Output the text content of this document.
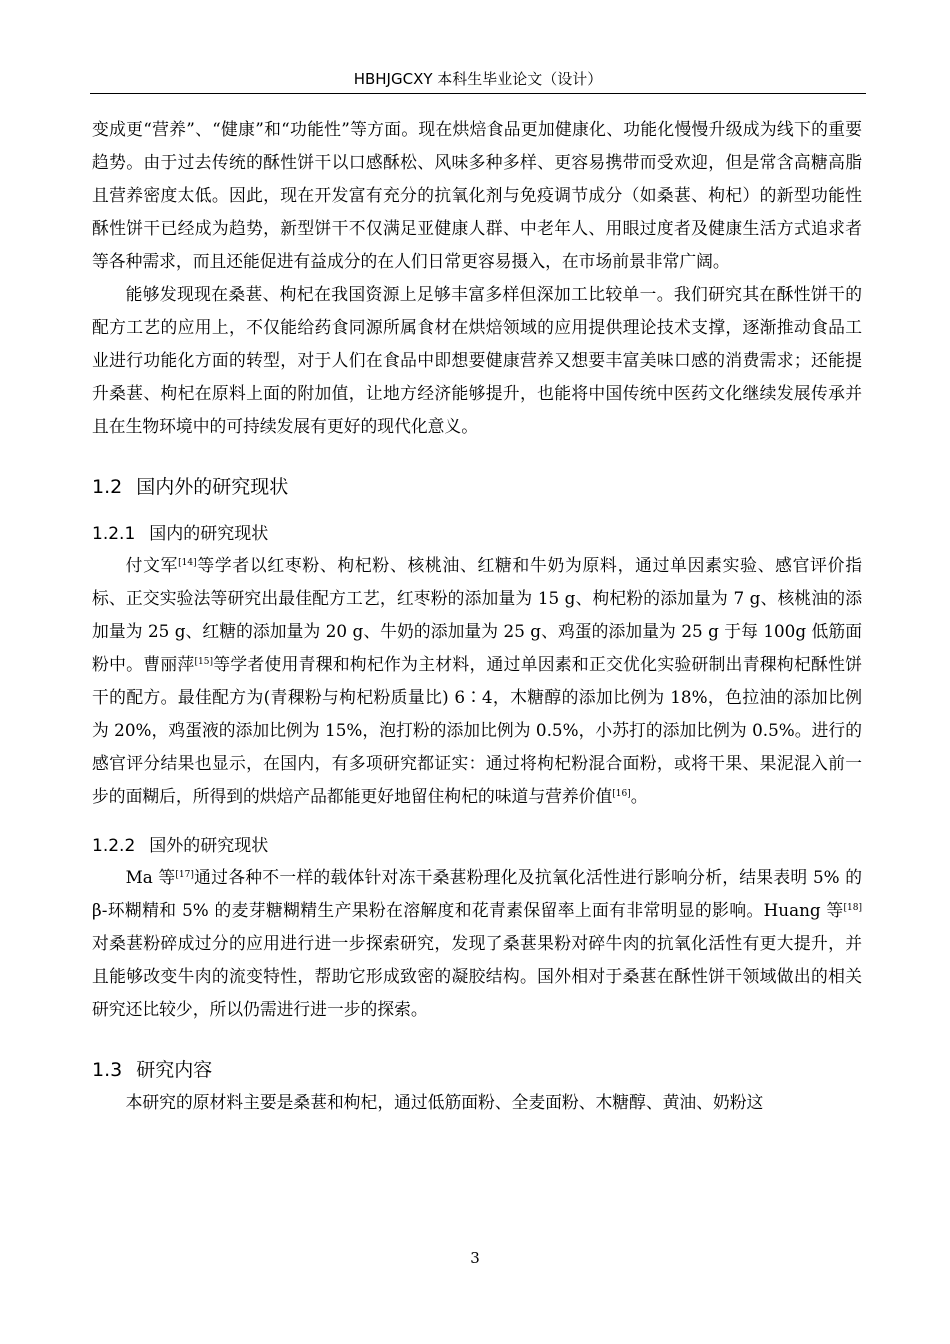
HBHJGCXY 本科生毕业论文（设计）

变成更“营养”、“健康”和“功能性”等方面。现在烘焙食品更加健康化、功能化慢慢升级成为线下的重要趋势。由于过去传统的酥性饼干以口感酥松、风味多种多样、更容易携带而受欢迎，但是常含高糖高脂且营养密度太低。因此，现在开发富有充分的抗氧化剂与免疫调节成分（如桑葚、枸杞）的新型功能性酥性饼干已经成为趋势，新型饼干不仅满足亚健康人群、中老年人、用眼过度者及健康生活方式追求者等各种需求，而且还能促进有益成分的在人们日常更容易摄入，在市场前景非常广阔。

能够发现现在桑葚、枸杞在我国资源上足够丰富多样但深加工比较单一。我们研究其在酥性饼干的配方工艺的应用上，不仅能给药食同源所属食材在烘焙领域的应用提供理论技术支撑，逐渐推动食品工业进行功能化方面的转型，对于人们在食品中即想要健康营养又想要丰富美味口感的消费需求；还能提升桑葚、枸杞在原料上面的附加值，让地方经济能够提升，也能将中国传统中医药文化继续发展传承并且在生物环境中的可持续发展有更好的现代化意义。

1.2 国内外的研究现状
1.2.1 国内的研究现状

付文军[14]等学者以红枣粉、枸杞粉、核桃油、红糖和牛奶为原料，通过单因素实验、感官评价指标、正交实验法等研究出最佳配方工艺，红枣粉的添加量为 15 g、枸杞粉的添加量为 7 g、核桃油的添加量为 25 g、红糖的添加量为 20 g、牛奶的添加量为 25 g、鸡蛋的添加量为 25 g 于每 100g 低筋面粉中。曹丽萍[15]等学者使用青稞和枸杞作为主材料，通过单因素和正交优化实验研制出青稞枸杞酥性饼干的配方。最佳配方为(青稞粉与枸杞粉质量比) 6∶4，木糖醇的添加比例为 18%，色拉油的添加比例为 20%，鸡蛋液的添加比例为 15%，泡打粉的添加比例为 0.5%，小苏打的添加比例为 0.5%。进行的感官评分结果也显示，在国内，有多项研究都证实：通过将枸杞粉混合面粉，或将干果、果泥混入前一步的面糊后，所得到的烘焙产品都能更好地留住枸杞的味道与营养价值[16]。

1.2.2 国外的研究现状

Ma 等[17]通过各种不一样的载体针对冻干桑葚粉理化及抗氧化活性进行影响分析，结果表明 5% 的 β-环糊精和 5% 的麦芽糖糊精生产果粉在溶解度和花青素保留率上面有非常明显的影响。Huang 等[18]对桑葚粉碎成过分的应用进行进一步探索研究，发现了桑葚果粉对碎牛肉的抗氧化活性有更大提升，并且能够改变牛肉的流变特性，帮助它形成致密的凝胶结构。国外相对于桑葚在酥性饼干领域做出的相关研究还比较少，所以仍需进行进一步的探索。

1.3 研究内容

本研究的原材料主要是桑葚和枸杞，通过低筋面粉、全麦面粉、木糖醇、黄油、奶粉这

3
